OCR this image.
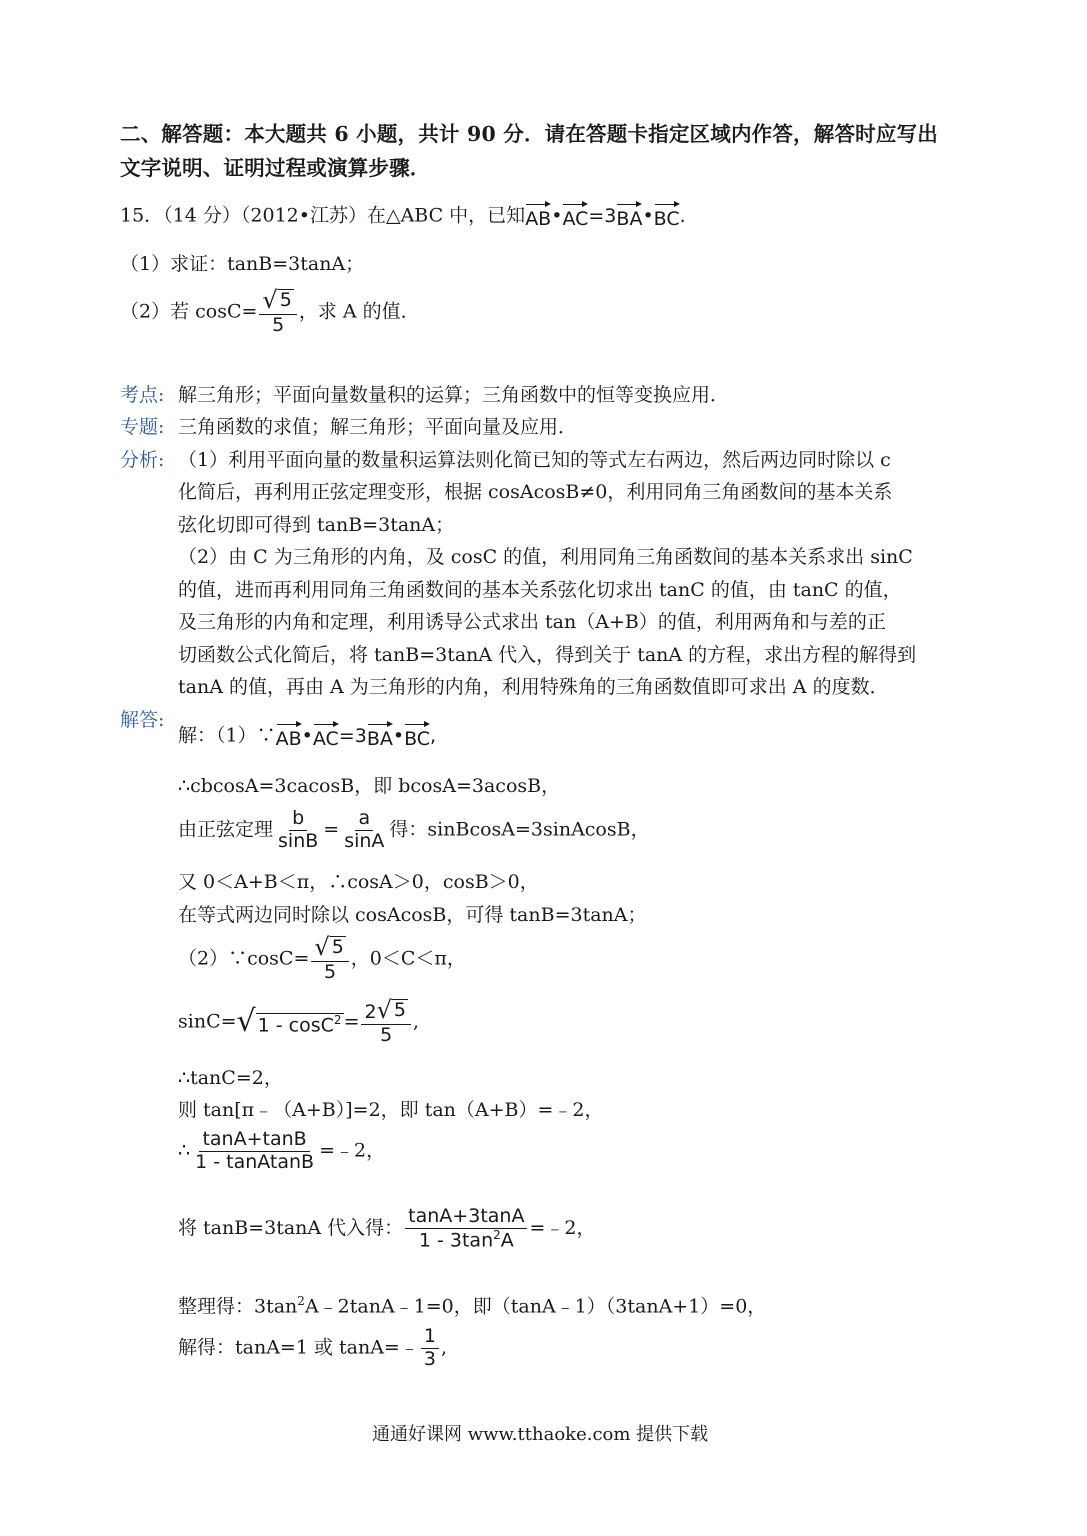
二、解答题：本大题共 6 小题，共计 90 分．请在答题卡指定区域内作答，解答时应写出
文字说明、证明过程或演算步骤．
15．（14 分）（2012•江苏）在△ABC 中，已知 AB • AC =3 BA • BC .
（1）求证：tanB=3tanA；
（2）若 $\cos C= \frac{√ 5}{5}$ ，求 A 的值．
考点: 解三角形；平面向量数量积的运算；三角函数中的恒等变换应用．
专题: 三角函数的求值；解三角形；平面向量及应用．
分析: （1）利用平面向量的数量积运算法则化简已知的等式左右两边，然后两边同时除以 c
化简后，再利用正弦定理变形，根据 cosAcosB≠0，利用同角三角函数间的基本关系
弦化切即可得到 tanB=3tanA；
（2）由 C 为三角形的内角，及 cosC 的值，利用同角三角函数间的基本关系求出 sinC
的值，进而再利用同角三角函数间的基本关系弦化切求出 tanC 的值，由 tanC 的值，
及三角形的内角和定理，利用诱导公式求出 tan（A+B）的值，利用两角和与差的正
切函数公式化简后，将 tanB=3tanA 代入，得到关于 tanA 的方程，求出方程的解得到
tanA 的值，再由 A 为三角形的内角，利用特殊角的三角函数值即可求出 A 的度数．
解答:
解：（1）∵ AB • AC =3 BA • BC ,
∴cbcosA=3cacosB，即 bcosA=3acosB，
由正弦定理 $\frac{b}{\sin B} = \frac{a}{\sin A}$ 得：sinBcosA=3sinAcosB，
又 0＜A+B＜π，∴cosA＞0，cosB＞0，
在等式两边同时除以 cosAcosB，可得 tanB=3tanA；
（2）∵cosC= $\frac{√ 5}{5}$ ，0＜C＜π，
sinC= √ $1 - \cos C^2 = \frac{2 √ 5}{5}$ ,
∴tanC=2，
则 tan[π﹣（A+B）]=2，即 tan（A+B）=﹣2，
∴ $\frac{\tan A+\tan B}{\text{1 - tanAtanB}}$ =﹣2，
将 tanB=3tanA 代入得： $\frac{\tan A+3\tan A}{1 - 3\tan^2A}$ =﹣2，
整理得：$3\tan^2A﹣2\tan A﹣1=0$，即（tanA﹣1）（3tanA+1）=0，
解得：tanA=1 或 tanA=﹣ $\frac{1}{3}$ ,
通通好课网 www.tthaoke.com 提供下载
